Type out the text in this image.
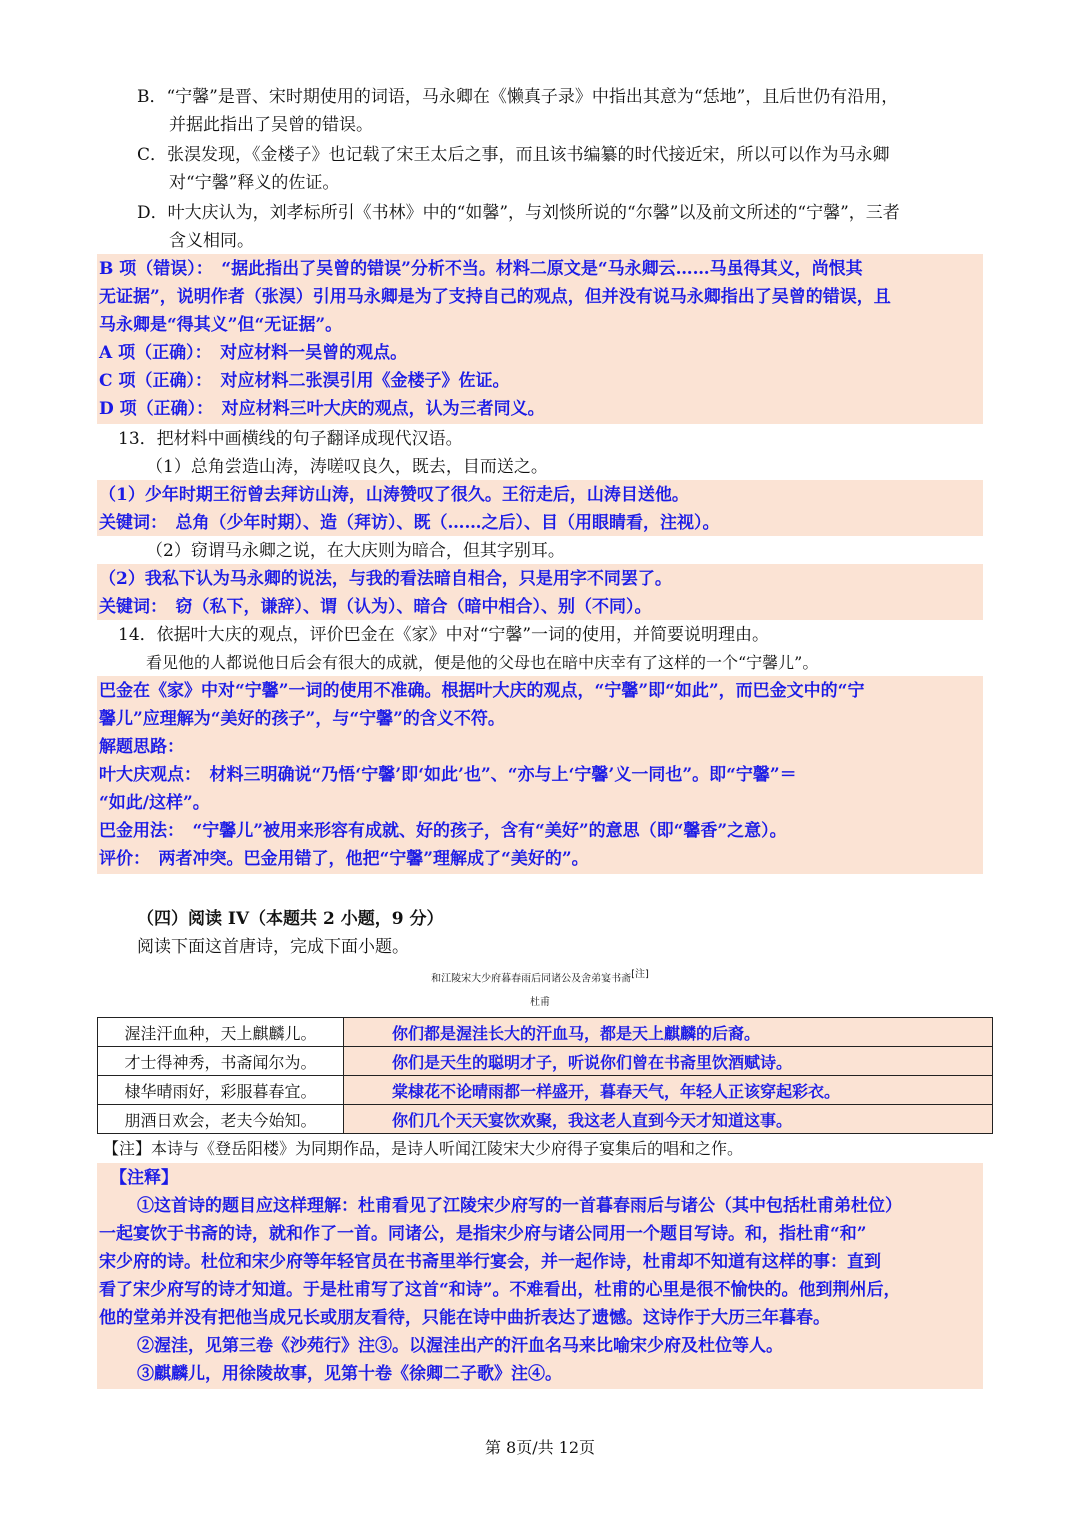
B．“宁馨”是晋、宋时期使用的词语，马永卿在《懒真子录》中指出其意为“恁地”，且后世仍有沿用，
并据此指出了吴曾的错误。
C．张淏发现，《金楼子》也记载了宋王太后之事，而且该书编纂的时代接近宋，所以可以作为马永卿
对“宁馨”释义的佐证。
D．叶大庆认为，刘孝标所引《书林》中的“如馨”，与刘惔所说的“尔馨”以及前文所述的“宁馨”，三者
含义相同。
B 项（错误）：　“据此指出了吴曾的错误”分析不当。材料二原文是“马永卿云……马虽得其义，尚恨其
无证据”，说明作者（张淏）引用马永卿是为了支持自己的观点，但并没有说马永卿指出了吴曾的错误，且
马永卿是“得其义”但“无证据”。
A 项（正确）：　对应材料一吴曾的观点。
C 项（正确）：　对应材料二张淏引用《金楼子》佐证。
D 项（正确）：　对应材料三叶大庆的观点，认为三者同义。
13．把材料中画横线的句子翻译成现代汉语。
（1）总角尝造山涛，涛嗟叹良久，既去，目而送之。
（1）少年时期王衍曾去拜访山涛，山涛赞叹了很久。王衍走后，山涛目送他。
关键词：　总角（少年时期）、造（拜访）、既（……之后）、目（用眼睛看，注视）。
（2）窃谓马永卿之说，在大庆则为暗合，但其字别耳。
（2）我私下认为马永卿的说法，与我的看法暗自相合，只是用字不同罢了。
关键词：　窃（私下，谦辞）、谓（认为）、暗合（暗中相合）、别（不同）。
14．依据叶大庆的观点，评价巴金在《家》中对“宁馨”一词的使用，并简要说明理由。
看见他的人都说他日后会有很大的成就，便是他的父母也在暗中庆幸有了这样的一个“宁馨儿”。
巴金在《家》中对“宁馨”一词的使用不准确。根据叶大庆的观点，“宁馨”即“如此”，而巴金文中的“宁
馨儿”应理解为“美好的孩子”，与“宁馨”的含义不符。
解题思路：
叶大庆观点：　材料三明确说“乃悟‘宁馨’即‘如此’也”、“亦与上‘宁馨’义一同也”。即“宁馨”＝
“如此/这样”。
巴金用法：　“宁馨儿”被用来形容有成就、好的孩子，含有“美好”的意思（即“馨香”之意）。
评价：　两者冲突。巴金用错了，他把“宁馨”理解成了“美好的”。
（四）阅读 IV（本题共 2 小题，9 分）
阅读下面这首唐诗，完成下面小题。
和江陵宋大少府暮春雨后同诸公及舍弟宴书斋[注]
杜甫
渥洼汗血种，天上麒麟儿。	你们都是渥洼长大的汗血马，都是天上麒麟的后裔。
才士得神秀，书斋闻尔为。	你们是天生的聪明才子，听说你们曾在书斋里饮酒赋诗。
棣华晴雨好，彩服暮春宜。	棠棣花不论晴雨都一样盛开，暮春天气，年轻人正该穿起彩衣。
朋酒日欢会，老夫今始知。	你们几个天天宴饮欢聚，我这老人直到今天才知道这事。
【注】本诗与《登岳阳楼》为同期作品，是诗人听闻江陵宋大少府得子宴集后的唱和之作。
【注释】
①这首诗的题目应这样理解：杜甫看见了江陵宋少府写的一首暮春雨后与诸公（其中包括杜甫弟杜位）
一起宴饮于书斋的诗，就和作了一首。同诸公，是指宋少府与诸公同用一个题目写诗。和，指杜甫“和”
宋少府的诗。杜位和宋少府等年轻官员在书斋里举行宴会，并一起作诗，杜甫却不知道有这样的事：直到
看了宋少府写的诗才知道。于是杜甫写了这首“和诗”。不难看出，杜甫的心里是很不愉快的。他到荆州后，
他的堂弟并没有把他当成兄长或朋友看待，只能在诗中曲折表达了遗憾。这诗作于大历三年暮春。
②渥洼，见第三卷《沙苑行》注③。以渥洼出产的汗血名马来比喻宋少府及杜位等人。
③麒麟儿，用徐陵故事，见第十卷《徐卿二子歌》注④。
第 8页/共 12页
